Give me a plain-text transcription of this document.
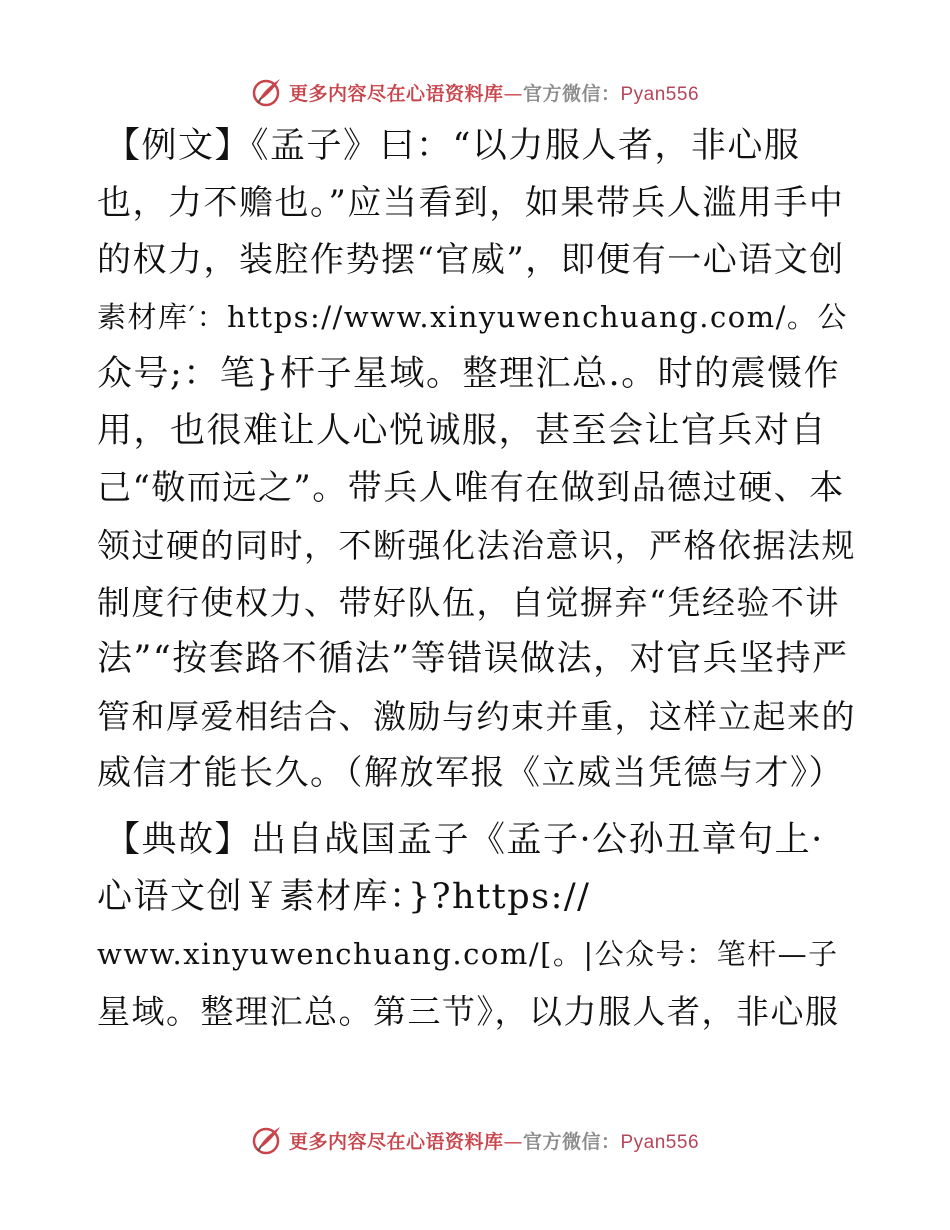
更多内容尽在心语资料库—官方微信：Pyan556
【例文】《孟子》曰：“以力服人者，非心服
也，力不赡也。”应当看到，如果带兵人滥用手中
的权力，装腔作势摆“官威”，即便有一心语文创
素材库′：https://www.xinyuwenchuang.com/。公
众号;：笔}杆子星域。整理汇总.。时的震慑作
用，也很难让人心悦诚服，甚至会让官兵对自
己“敬而远之”。带兵人唯有在做到品德过硬、本
领过硬的同时，不断强化法治意识，严格依据法规
制度行使权力、带好队伍，自觉摒弃“凭经验不讲
法”“按套路不循法”等错误做法，对官兵坚持严
管和厚爱相结合、激励与约束并重，这样立起来的
威信才能长久。（解放军报《立威当凭德与才》）
【典故】出自战国孟子《孟子·公孙丑章句上·
心语文创￥素材库：}?https://
www.xinyuwenchuang.com/[。|公众号：笔杆—子
星域。整理汇总。第三节》，以力服人者，非心服
更多内容尽在心语资料库—官方微信：Pyan556
